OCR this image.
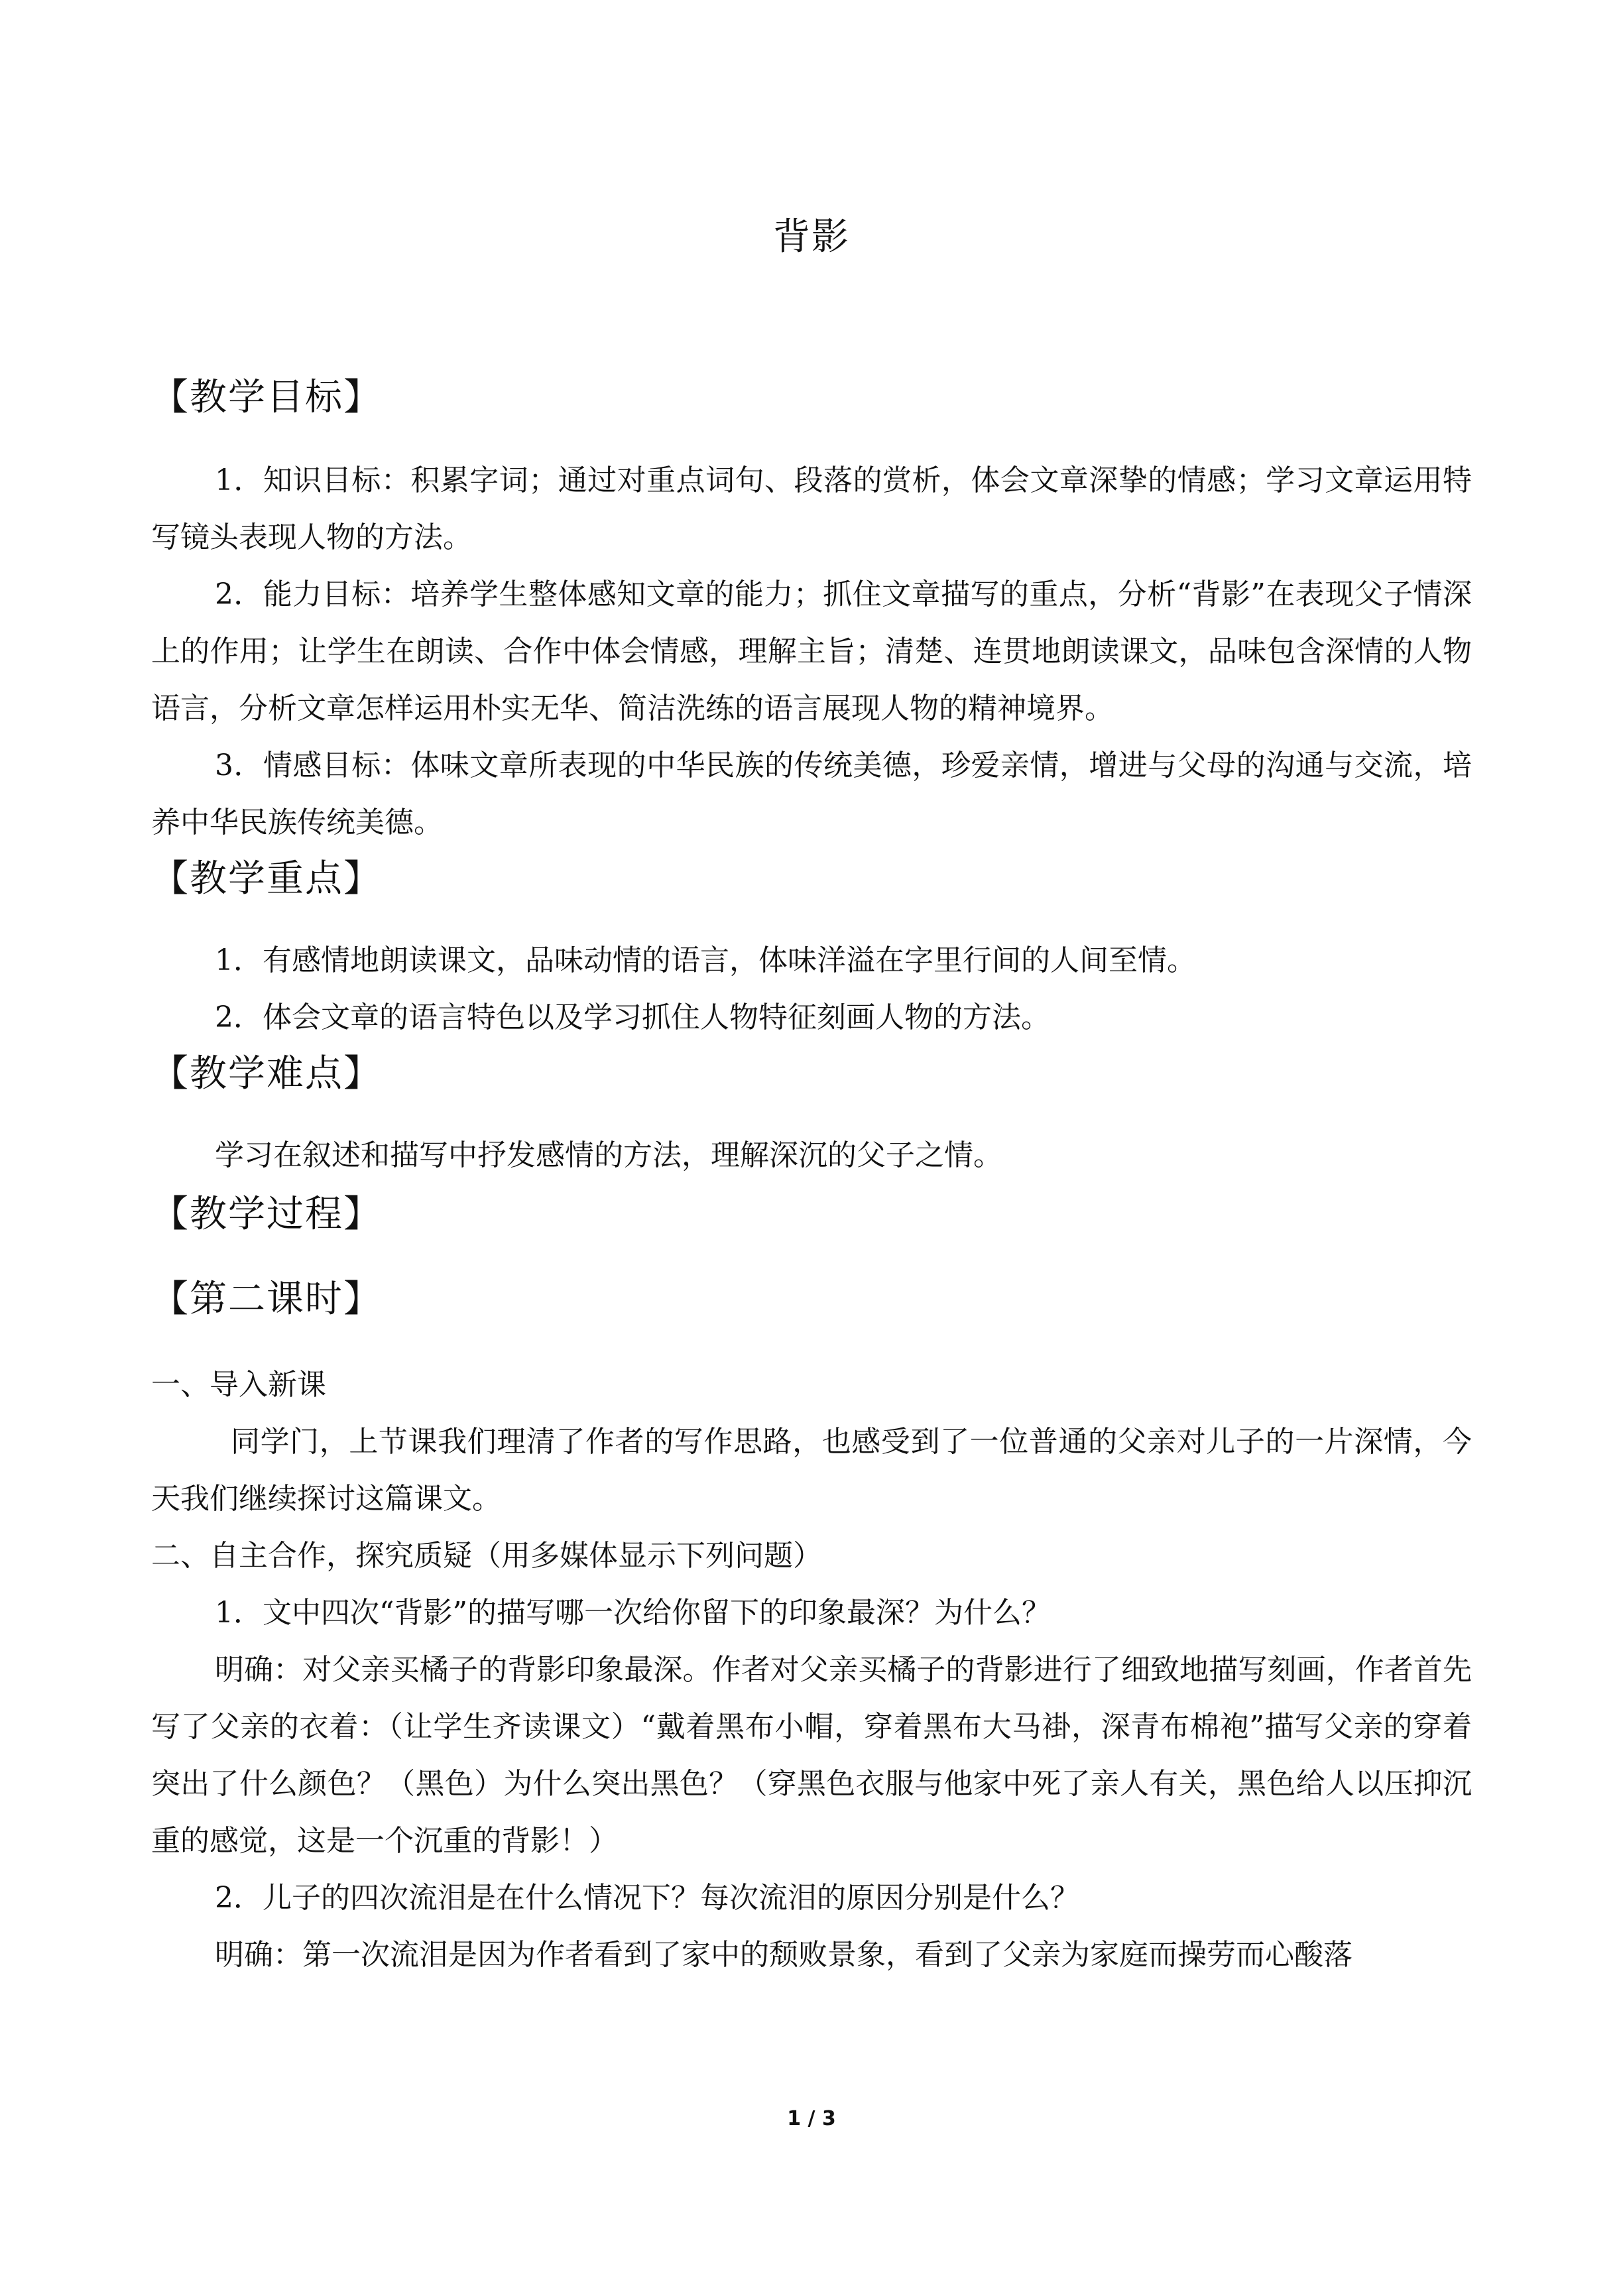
背影

【教学目标】

1．知识目标：积累字词；通过对重点词句、段落的赏析，体会文章深挚的情感；学习文章运用特写镜头表现人物的方法。

2．能力目标：培养学生整体感知文章的能力；抓住文章描写的重点，分析“背影”在表现父子情深上的作用；让学生在朗读、合作中体会情感，理解主旨；清楚、连贯地朗读课文，品味包含深情的人物语言，分析文章怎样运用朴实无华、简洁洗练的语言展现人物的精神境界。

3．情感目标：体味文章所表现的中华民族的传统美德，珍爱亲情，增进与父母的沟通与交流，培养中华民族传统美德。

【教学重点】

1．有感情地朗读课文，品味动情的语言，体味洋溢在字里行间的人间至情。

2．体会文章的语言特色以及学习抓住人物特征刻画人物的方法。

【教学难点】

学习在叙述和描写中抒发感情的方法，理解深沉的父子之情。

【教学过程】

【第二课时】

一、导入新课

同学门，上节课我们理清了作者的写作思路，也感受到了一位普通的父亲对儿子的一片深情，今天我们继续探讨这篇课文。

二、自主合作，探究质疑（用多媒体显示下列问题）

1．文中四次“背影”的描写哪一次给你留下的印象最深？为什么？

明确：对父亲买橘子的背影印象最深。作者对父亲买橘子的背影进行了细致地描写刻画，作者首先写了父亲的衣着：（让学生齐读课文）“戴着黑布小帽，穿着黑布大马褂，深青布棉袍”描写父亲的穿着突出了什么颜色？（黑色）为什么突出黑色？（穿黑色衣服与他家中死了亲人有关，黑色给人以压抑沉重的感觉，这是一个沉重的背影！）

2．儿子的四次流泪是在什么情况下？每次流泪的原因分别是什么？

明确：第一次流泪是因为作者看到了家中的颓败景象，看到了父亲为家庭而操劳而心酸落

1 / 3
